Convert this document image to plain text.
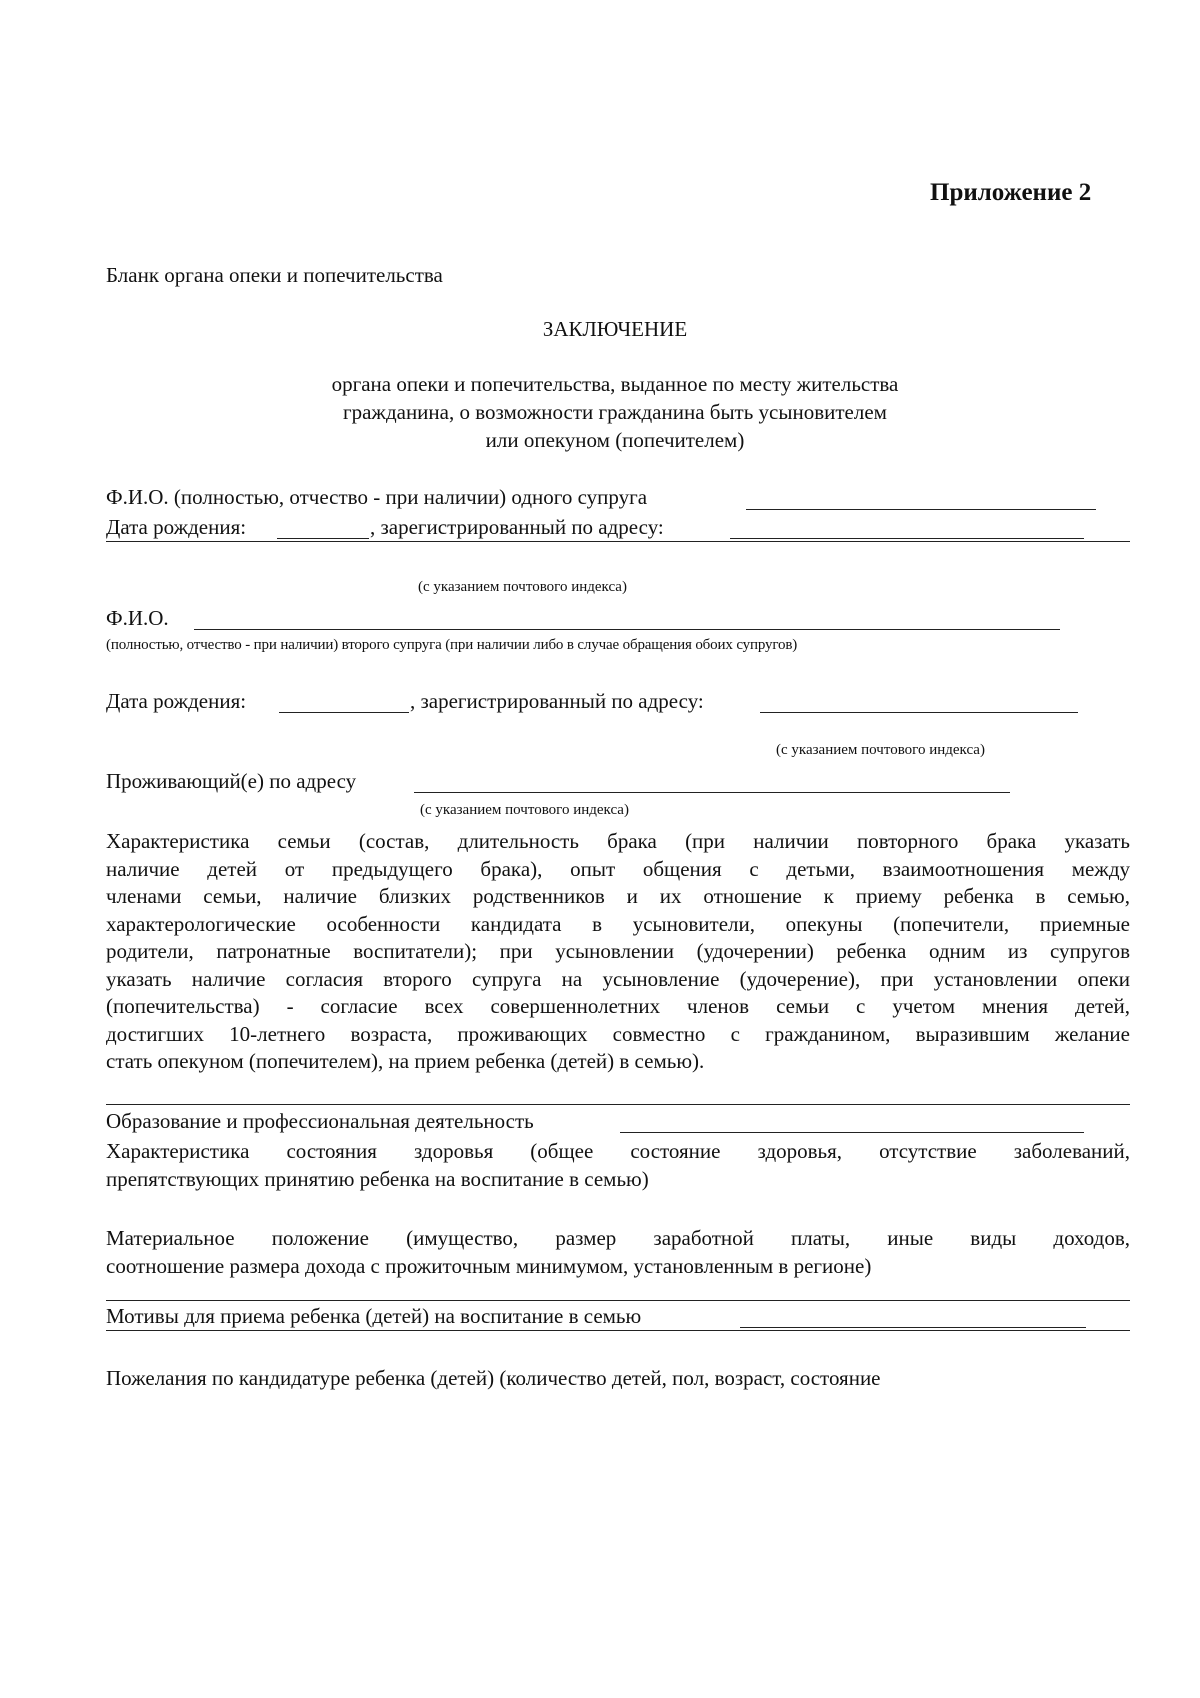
Приложение 2
Бланк органа опеки и попечительства
ЗАКЛЮЧЕНИЕ
органа опеки и попечительства, выданное по месту жительства
гражданина, о возможности гражданина быть усыновителем
или опекуном (попечителем)
Ф.И.О. (полностью, отчество - при наличии) одного супруга
Дата рождения:	, зарегистрированный по адресу:
(с указанием почтового индекса)
Ф.И.О.
(полностью, отчество - при наличии) второго супруга (при наличии либо в случае обращения обоих супругов)
Дата рождения:	, зарегистрированный по адресу:
(с указанием почтового индекса)
Проживающий(е) по адресу
(с указанием почтового индекса)

Характеристика семьи (состав, длительность брака (при наличии повторного брака указать

наличие детей от предыдущего брака), опыт общения с детьми, взаимоотношения между

членами семьи, наличие близких родственников и их отношение к приему ребенка в семью,

характерологические особенности кандидата в усыновители, опекуны (попечители, приемные

родители, патронатные воспитатели); при усыновлении (удочерении) ребенка одним из супругов

указать наличие согласия второго супруга на усыновление (удочерение), при установлении опеки

(попечительства) - согласие всех совершеннолетних членов семьи с учетом мнения детей,

достигших 10-летнего возраста, проживающих совместно с гражданином, выразившим желание

стать опекуном (попечителем), на прием ребенка (детей) в семью).

Образование и профессиональная деятельность

Характеристика состояния здоровья (общее состояние здоровья, отсутствие заболеваний,

препятствующих принятию ребенка на воспитание в семью)

Материальное положение (имущество, размер заработной платы, иные виды доходов,

соотношение размера дохода с прожиточным минимумом, установленным в регионе)

Мотивы для приема ребенка (детей) на воспитание в семью
Пожелания по кандидатуре ребенка (детей) (количество детей, пол, возраст, состояние
